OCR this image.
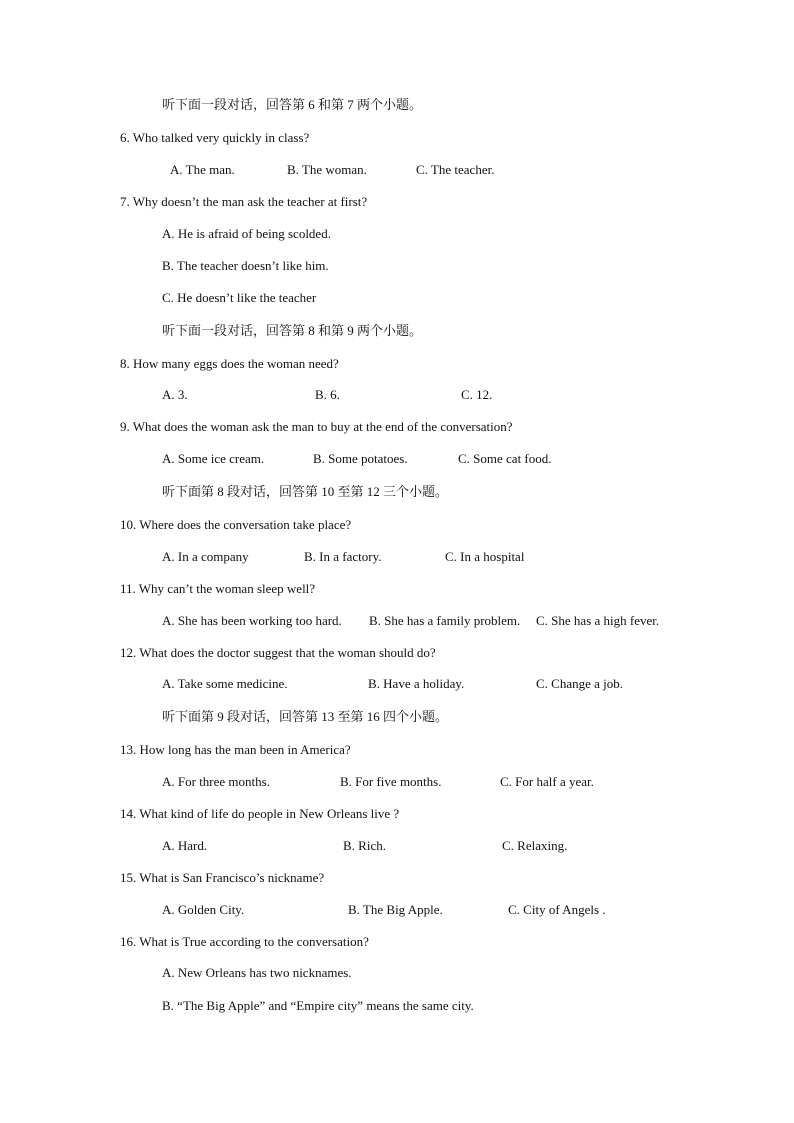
听下面一段对话，回答第 6 和第 7 两个小题。
6. Who talked very quickly in class?
A. The man.	B. The woman.	C. The teacher.
7. Why doesn’t the man ask the teacher at first?
A. He is afraid of being scolded.
B. The teacher doesn’t like him.
C. He doesn’t like the teacher
听下面一段对话，回答第 8 和第 9 两个小题。
8. How many eggs does the woman need?
A. 3.	B. 6.	C. 12.
9. What does the woman ask the man to buy at the end of the conversation?
A. Some ice cream.	B. Some potatoes.	C. Some cat food.
听下面第 8 段对话，回答第 10 至第 12 三个小题。
10. Where does the conversation take place?
A. In a company	B. In a factory.	C. In a hospital
11. Why can’t the woman sleep well?
A. She has been working too hard. B. She has a family problem. C. She has a high fever.
12. What does the doctor suggest that the woman should do?
A. Take some medicine.	B. Have a holiday.	C. Change a job.
听下面第 9 段对话，回答第 13 至第 16 四个小题。
13. How long has the man been in America?
A. For three months.	B. For five months.	C. For half a year.
14. What kind of life do people in New Orleans live ?
A. Hard.	B. Rich.	C. Relaxing.
15. What is San Francisco’s nickname?
A. Golden City.	B. The Big Apple.	C. City of Angels .
16. What is True according to the conversation?
A. New Orleans has two nicknames.
B. “The Big Apple” and “Empire city” means the same city.
